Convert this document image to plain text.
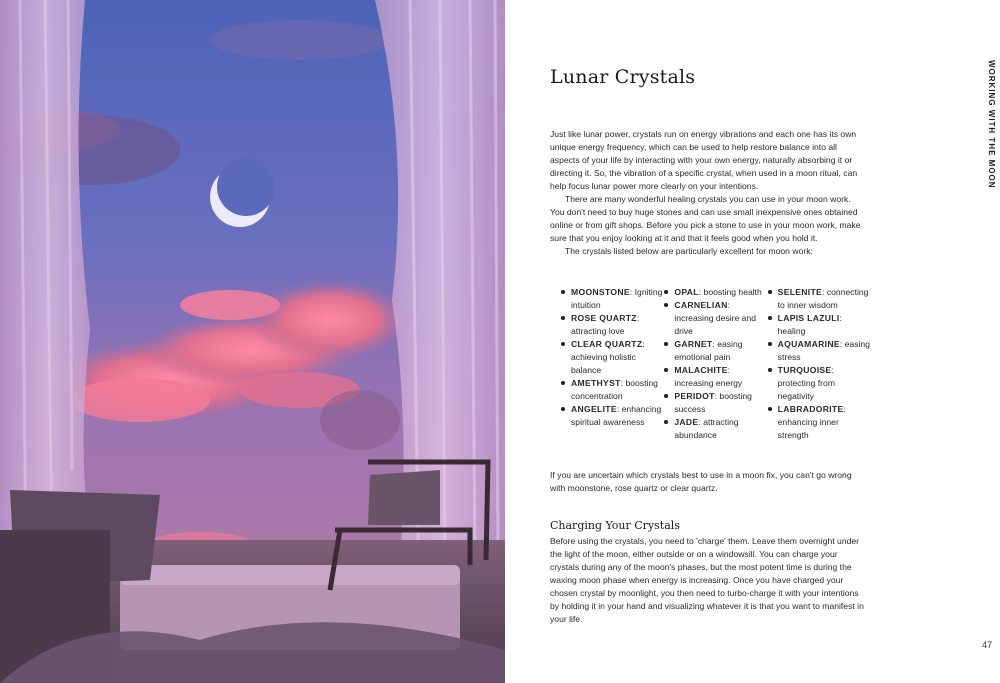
Lunar Crystals	WORKING WITH THE MOON

Just like lunar power, crystals run on energy vibrations and each one has its own unique energy frequency, which can be used to help restore balance into all aspects of your life by interacting with your own energy, naturally absorbing it or directing it. So, the vibration of a specific crystal, when used in a moon ritual, can help focus lunar power more clearly on your intentions.

There are many wonderful healing crystals you can use in your moon work. You don't need to buy huge stones and can use small inexpensive ones obtained online or from gift shops. Before you pick a stone to use in your moon work, make sure that you enjoy looking at it and that it feels good when you hold it.

The crystals listed below are particularly excellent for moon work:

MOONSTONE: Igniting intuition
ROSE QUARTZ: attracting love
CLEAR QUARTZ: achieving holistic balance
AMETHYST: boosting concentration
ANGELITE: enhancing spiritual awareness
OPAL: boosting health
CARNELIAN: increasing desire and drive
GARNET: easing emotional pain
MALACHITE: increasing energy
PERIDOT: boosting success
JADE: attracting abundance
SELENITE: connecting to inner wisdom
LAPIS LAZULI: healing
AQUAMARINE: easing stress
TURQUOISE: protecting from negativity
LABRADORITE: enhancing inner strength
If you are uncertain which crystals best to use in a moon fix, you can't go wrong with moonstone, rose quartz or clear quartz.
Charging Your Crystals
Before using the crystals, you need to 'charge' them. Leave them overnight under the light of the moon, either outside or on a windowsill. You can charge your crystals during any of the moon's phases, but the most potent time is during the waxing moon phase when energy is increasing. Once you have charged your chosen crystal by moonlight, you then need to turbo-charge it with your intentions by holding it in your hand and visualizing whatever it is that you want to manifest in your life.
47
